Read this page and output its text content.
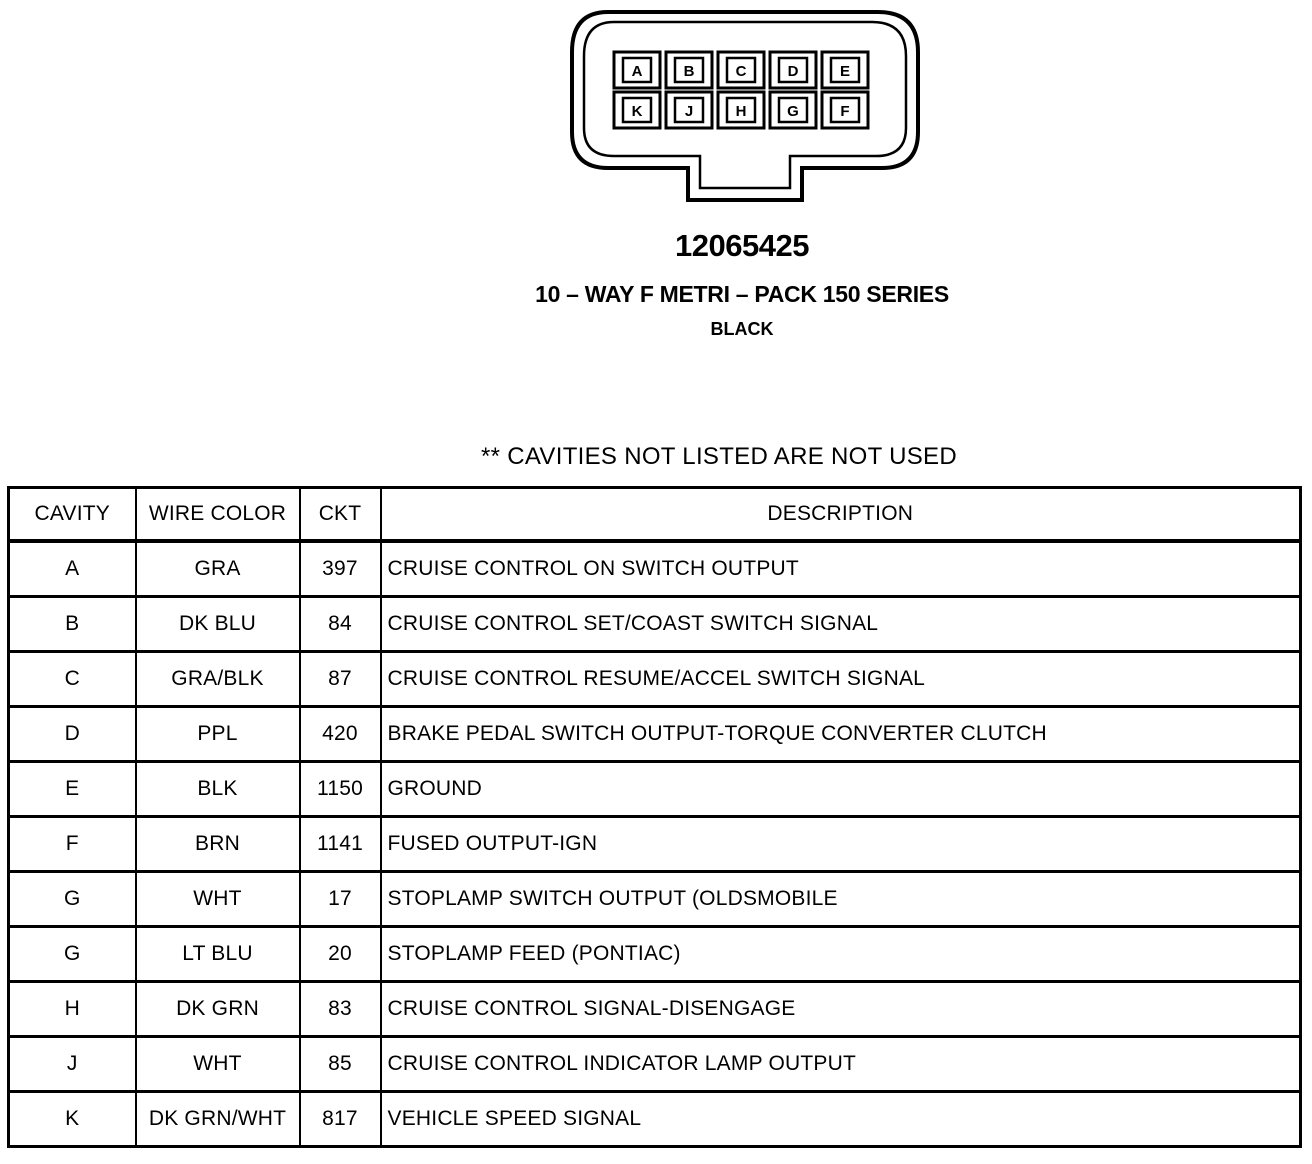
A	B	C	D	E
K	J	H	G	F
12065425
10 – WAY F METRI – PACK 150 SERIES
BLACK
** CAVITIES NOT LISTED ARE NOT USED
CAVITY	WIRE COLOR	CKT	DESCRIPTION
A	GRA	397	CRUISE CONTROL ON SWITCH OUTPUT
B	DK BLU	84	CRUISE CONTROL SET/COAST SWITCH SIGNAL
C	GRA/BLK	87	CRUISE CONTROL RESUME/ACCEL SWITCH SIGNAL
D	PPL	420	BRAKE PEDAL SWITCH OUTPUT-TORQUE CONVERTER CLUTCH
E	BLK	1150	GROUND
F	BRN	1141	FUSED OUTPUT-IGN
G	WHT	17	STOPLAMP SWITCH OUTPUT (OLDSMOBILE
G	LT BLU	20	STOPLAMP FEED (PONTIAC)
H	DK GRN	83	CRUISE CONTROL SIGNAL-DISENGAGE
J	WHT	85	CRUISE CONTROL INDICATOR LAMP OUTPUT
K	DK GRN/WHT	817	VEHICLE SPEED SIGNAL
